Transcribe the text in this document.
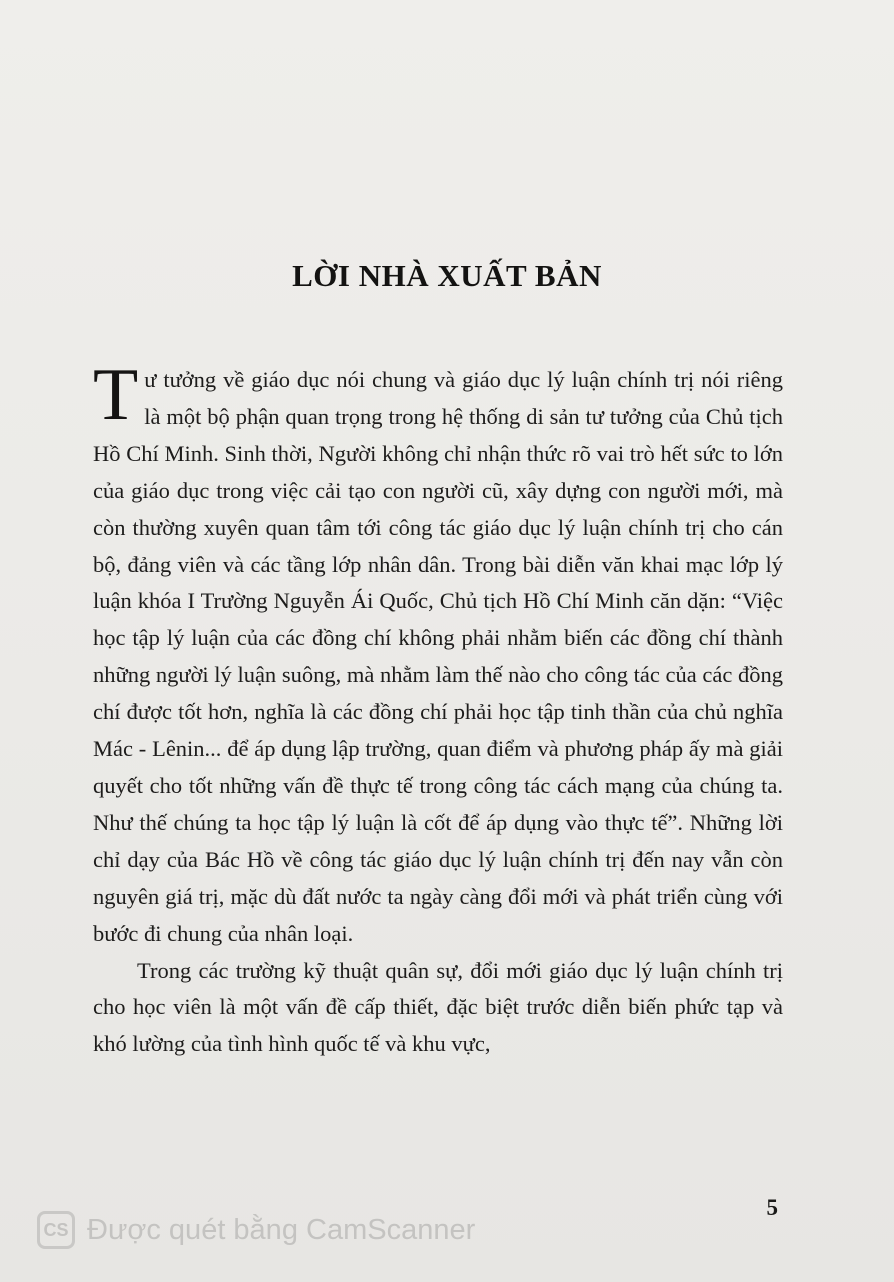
LỜI NHÀ XUẤT BẢN

Tư tưởng về giáo dục nói chung và giáo dục lý luận chính trị nói riêng là một bộ phận quan trọng trong hệ thống di sản tư tưởng của Chủ tịch Hồ Chí Minh. Sinh thời, Người không chỉ nhận thức rõ vai trò hết sức to lớn của giáo dục trong việc cải tạo con người cũ, xây dựng con người mới, mà còn thường xuyên quan tâm tới công tác giáo dục lý luận chính trị cho cán bộ, đảng viên và các tầng lớp nhân dân. Trong bài diễn văn khai mạc lớp lý luận khóa I Trường Nguyễn Ái Quốc, Chủ tịch Hồ Chí Minh căn dặn: “Việc học tập lý luận của các đồng chí không phải nhằm biến các đồng chí thành những người lý luận suông, mà nhằm làm thế nào cho công tác của các đồng chí được tốt hơn, nghĩa là các đồng chí phải học tập tinh thần của chủ nghĩa Mác - Lênin... để áp dụng lập trường, quan điểm và phương pháp ấy mà giải quyết cho tốt những vấn đề thực tế trong công tác cách mạng của chúng ta. Như thế chúng ta học tập lý luận là cốt để áp dụng vào thực tế”. Những lời chỉ dạy của Bác Hồ về công tác giáo dục lý luận chính trị đến nay vẫn còn nguyên giá trị, mặc dù đất nước ta ngày càng đổi mới và phát triển cùng với bước đi chung của nhân loại.

Trong các trường kỹ thuật quân sự, đổi mới giáo dục lý luận chính trị cho học viên là một vấn đề cấp thiết, đặc biệt trước diễn biến phức tạp và khó lường của tình hình quốc tế và khu vực,

5
CS Được quét bằng CamScanner
